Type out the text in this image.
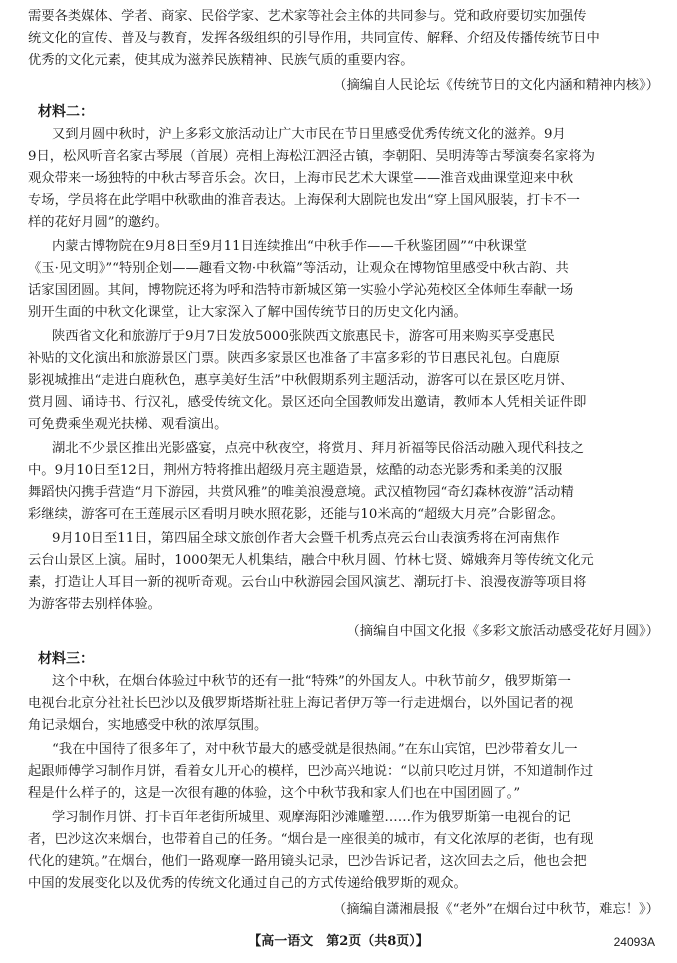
需要各类媒体、学者、商家、民俗学家、艺术家等社会主体的共同参与。党和政府要切实加强传
统文化的宣传、普及与教育，发挥各级组织的引导作用，共同宣传、解释、介绍及传播传统节日中
优秀的文化元素，使其成为滋养民族精神、民族气质的重要内容。
（摘编自人民论坛《传统节日的文化内涵和精神内核》）
材料二：
又到月圆中秋时，沪上多彩文旅活动让广大市民在节日里感受优秀传统文化的滋养。9月
9日，松风听音名家古琴展（首展）亮相上海松江泗泾古镇，李朝阳、吴明涛等古琴演奏名家将为
观众带来一场独特的中秋古琴音乐会。次日，上海市民艺术大课堂——淮音戏曲课堂迎来中秋
专场，学员将在此学唱中秋歌曲的淮音表达。上海保利大剧院也发出“穿上国风服装，打卡不一
样的花好月圆”的邀约。
内蒙古博物院在9月8日至9月11日连续推出“中秋手作——千秋鉴团圆”“中秋课堂
《玉·见文明》”“特别企划——趣看文物·中秋篇”等活动，让观众在博物馆里感受中秋古韵、共
话家国团圆。其间，博物院还将为呼和浩特市新城区第一实验小学沁苑校区全体师生奉献一场
别开生面的中秋文化课堂，让大家深入了解中国传统节日的历史文化内涵。
陕西省文化和旅游厅于9月7日发放5000张陕西文旅惠民卡，游客可用来购买享受惠民
补贴的文化演出和旅游景区门票。陕西多家景区也准备了丰富多彩的节日惠民礼包。白鹿原
影视城推出“走进白鹿秋色，惠享美好生活”中秋假期系列主题活动，游客可以在景区吃月饼、
赏月圆、诵诗书、行汉礼，感受传统文化。景区还向全国教师发出邀请，教师本人凭相关证件即
可免费乘坐观光扶梯、观看演出。
湖北不少景区推出光影盛宴，点亮中秋夜空，将赏月、拜月祈福等民俗活动融入现代科技之
中。9月10日至12日，荆州方特将推出超级月亮主题造景，炫酷的动态光影秀和柔美的汉服
舞蹈快闪携手营造“月下游园，共赏风雅”的唯美浪漫意境。武汉植物园“奇幻森林夜游”活动精
彩继续，游客可在王莲展示区看明月映水照花影，还能与10米高的“超级大月亮”合影留念。
9月10日至11日，第四届全球文旅创作者大会暨千机秀点亮云台山表演秀将在河南焦作
云台山景区上演。届时，1000架无人机集结，融合中秋月圆、竹林七贤、嫦娥奔月等传统文化元
素，打造让人耳目一新的视听奇观。云台山中秋游园会国风演艺、潮玩打卡、浪漫夜游等项目将
为游客带去别样体验。
（摘编自中国文化报《多彩文旅活动感受花好月圆》）
材料三：
这个中秋，在烟台体验过中秋节的还有一批“特殊”的外国友人。中秋节前夕，俄罗斯第一
电视台北京分社社长巴沙以及俄罗斯塔斯社驻上海记者伊万等一行走进烟台，以外国记者的视
角记录烟台，实地感受中秋的浓厚氛围。
“我在中国待了很多年了，对中秋节最大的感受就是很热闹。”在东山宾馆，巴沙带着女儿一
起跟师傅学习制作月饼，看着女儿开心的模样，巴沙高兴地说：“以前只吃过月饼，不知道制作过
程是什么样子的，这是一次很有趣的体验，这个中秋节我和家人们也在中国团圆了。”
学习制作月饼、打卡百年老街所城里、观摩海阳沙滩雕塑……作为俄罗斯第一电视台的记
者，巴沙这次来烟台，也带着自己的任务。“烟台是一座很美的城市，有文化浓厚的老街，也有现
代化的建筑。”在烟台，他们一路观摩一路用镜头记录，巴沙告诉记者，这次回去之后，他也会把
中国的发展变化以及优秀的传统文化通过自己的方式传递给俄罗斯的观众。
（摘编自潇湘晨报《“老外”在烟台过中秋节，难忘！》）
【高一语文　第2页（共8页）】	24093A
